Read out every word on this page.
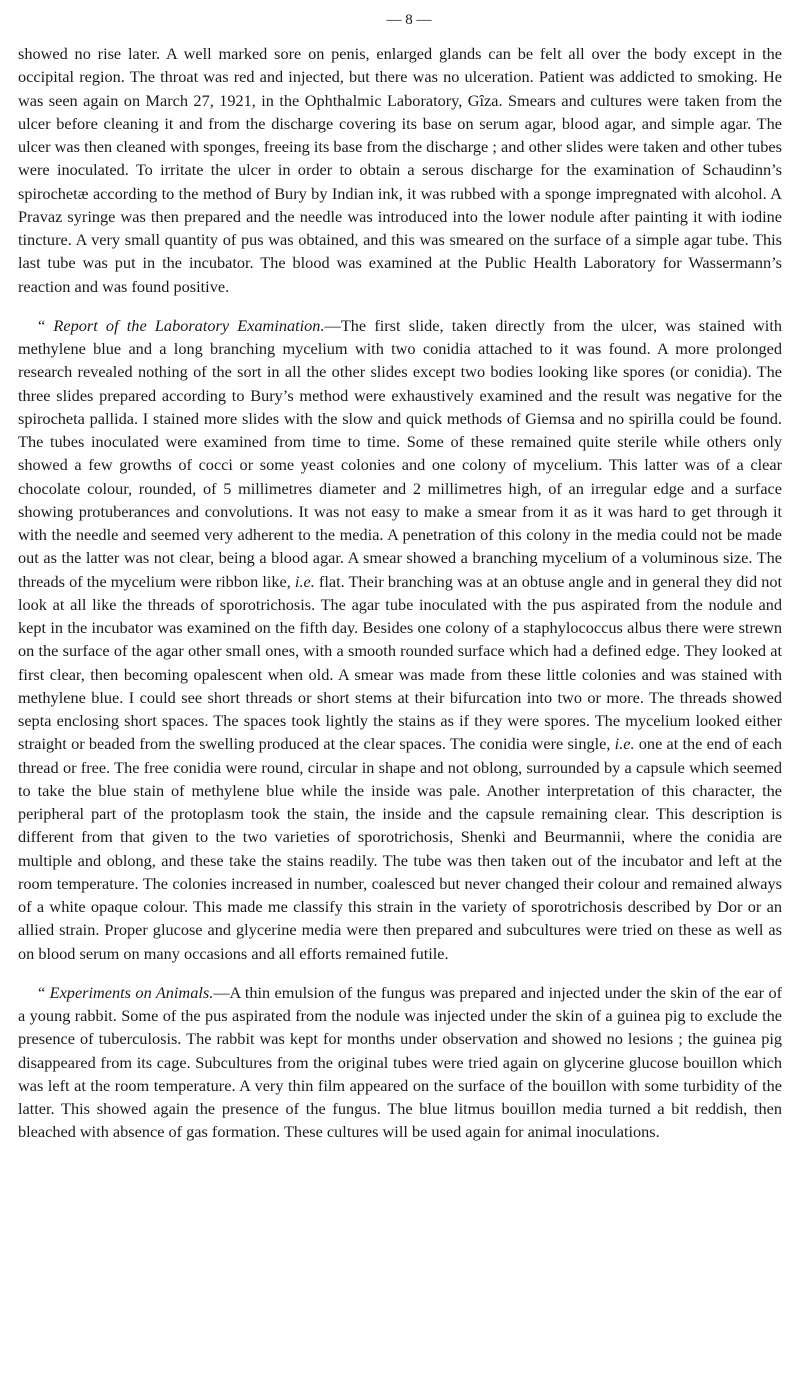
— 8 —

showed no rise later. A well marked sore on penis, enlarged glands can be felt all over the body except in the occipital region. The throat was red and injected, but there was no ulceration. Patient was addicted to smoking. He was seen again on March 27, 1921, in the Ophthalmic Laboratory, Gîza. Smears and cultures were taken from the ulcer before cleaning it and from the discharge covering its base on serum agar, blood agar, and simple agar. The ulcer was then cleaned with sponges, freeing its base from the discharge ; and other slides were taken and other tubes were inoculated. To irritate the ulcer in order to obtain a serous discharge for the examination of Schaudinn’s spirochetæ according to the method of Bury by Indian ink, it was rubbed with a sponge impregnated with alcohol. A Pravaz syringe was then prepared and the needle was introduced into the lower nodule after painting it with iodine tincture. A very small quantity of pus was obtained, and this was smeared on the surface of a simple agar tube. This last tube was put in the incubator. The blood was examined at the Public Health Laboratory for Wassermann’s reaction and was found positive.

“ Report of the Laboratory Examination.—The first slide, taken directly from the ulcer, was stained with methylene blue and a long branching mycelium with two conidia attached to it was found. A more prolonged research revealed nothing of the sort in all the other slides except two bodies looking like spores (or conidia). The three slides prepared according to Bury’s method were exhaustively examined and the result was negative for the spirocheta pallida. I stained more slides with the slow and quick methods of Giemsa and no spirilla could be found. The tubes inoculated were examined from time to time. Some of these remained quite sterile while others only showed a few growths of cocci or some yeast colonies and one colony of mycelium. This latter was of a clear chocolate colour, rounded, of 5 millimetres diameter and 2 millimetres high, of an irregular edge and a surface showing protuberances and convolutions. It was not easy to make a smear from it as it was hard to get through it with the needle and seemed very adherent to the media. A penetration of this colony in the media could not be made out as the latter was not clear, being a blood agar. A smear showed a branching mycelium of a voluminous size. The threads of the mycelium were ribbon like, i.e. flat. Their branching was at an obtuse angle and in general they did not look at all like the threads of sporotrichosis. The agar tube inoculated with the pus aspirated from the nodule and kept in the incubator was examined on the fifth day. Besides one colony of a staphylococcus albus there were strewn on the surface of the agar other small ones, with a smooth rounded surface which had a defined edge. They looked at first clear, then becoming opalescent when old. A smear was made from these little colonies and was stained with methylene blue. I could see short threads or short stems at their bifurcation into two or more. The threads showed septa enclosing short spaces. The spaces took lightly the stains as if they were spores. The mycelium looked either straight or beaded from the swelling produced at the clear spaces. The conidia were single, i.e. one at the end of each thread or free. The free conidia were round, circular in shape and not oblong, surrounded by a capsule which seemed to take the blue stain of methylene blue while the inside was pale. Another interpretation of this character, the peripheral part of the protoplasm took the stain, the inside and the capsule remaining clear. This description is different from that given to the two varieties of sporotrichosis, Shenki and Beurmannii, where the conidia are multiple and oblong, and these take the stains readily. The tube was then taken out of the incubator and left at the room temperature. The colonies increased in number, coalesced but never changed their colour and remained always of a white opaque colour. This made me classify this strain in the variety of sporotrichosis described by Dor or an allied strain. Proper glucose and glycerine media were then prepared and subcultures were tried on these as well as on blood serum on many occasions and all efforts remained futile.

“ Experiments on Animals.—A thin emulsion of the fungus was prepared and injected under the skin of the ear of a young rabbit. Some of the pus aspirated from the nodule was injected under the skin of a guinea pig to exclude the presence of tuberculosis. The rabbit was kept for months under observation and showed no lesions ; the guinea pig disappeared from its cage. Subcultures from the original tubes were tried again on glycerine glucose bouillon which was left at the room temperature. A very thin film appeared on the surface of the bouillon with some turbidity of the latter. This showed again the presence of the fungus. The blue litmus bouillon media turned a bit reddish, then bleached with absence of gas formation. These cultures will be used again for animal inoculations.
